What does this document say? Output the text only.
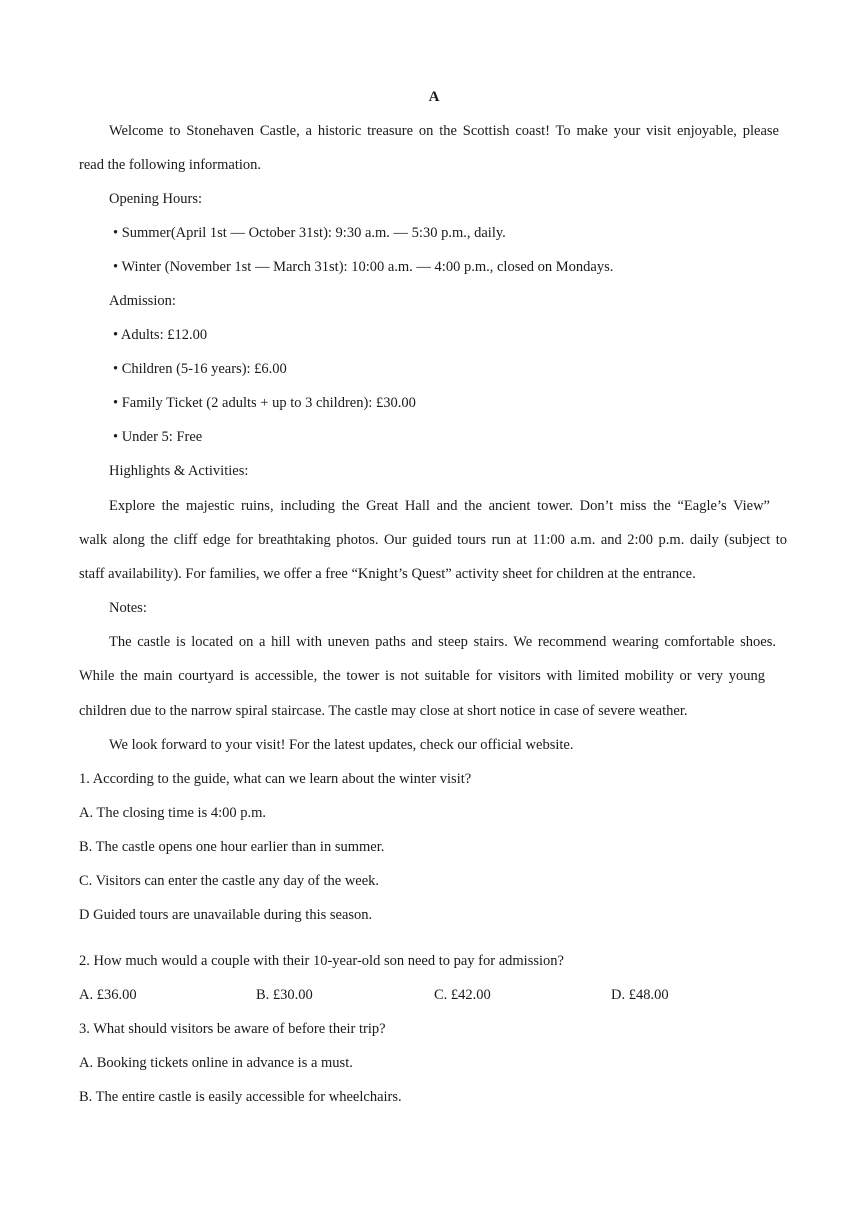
A
Welcome to Stonehaven Castle, a historic treasure on the Scottish coast! To make your visit enjoyable, please
read the following information.
Opening Hours:
• Summer(April 1st — October 31st): 9:30 a.m. — 5:30 p.m., daily.
• Winter (November 1st — March 31st): 10:00 a.m. — 4:00 p.m., closed on Mondays.
Admission:
• Adults: £12.00
• Children (5-16 years): £6.00
• Family Ticket (2 adults + up to 3 children): £30.00
• Under 5: Free
Highlights & Activities:
Explore the majestic ruins, including the Great Hall and the ancient tower. Don’t miss the “Eagle’s View”
walk along the cliff edge for breathtaking photos. Our guided tours run at 11:00 a.m. and 2:00 p.m. daily (subject to
staff availability). For families, we offer a free “Knight’s Quest” activity sheet for children at the entrance.
Notes:
The castle is located on a hill with uneven paths and steep stairs. We recommend wearing comfortable shoes.
While the main courtyard is accessible, the tower is not suitable for visitors with limited mobility or very young
children due to the narrow spiral staircase. The castle may close at short notice in case of severe weather.
We look forward to your visit! For the latest updates, check our official website.
1. According to the guide, what can we learn about the winter visit?
A. The closing time is 4:00 p.m.
B. The castle opens one hour earlier than in summer.
C. Visitors can enter the castle any day of the week.
D Guided tours are unavailable during this season.
2. How much would a couple with their 10-year-old son need to pay for admission?
A. £36.00	B. £30.00	C. £42.00	D. £48.00
3. What should visitors be aware of before their trip?
A. Booking tickets online in advance is a must.
B. The entire castle is easily accessible for wheelchairs.
